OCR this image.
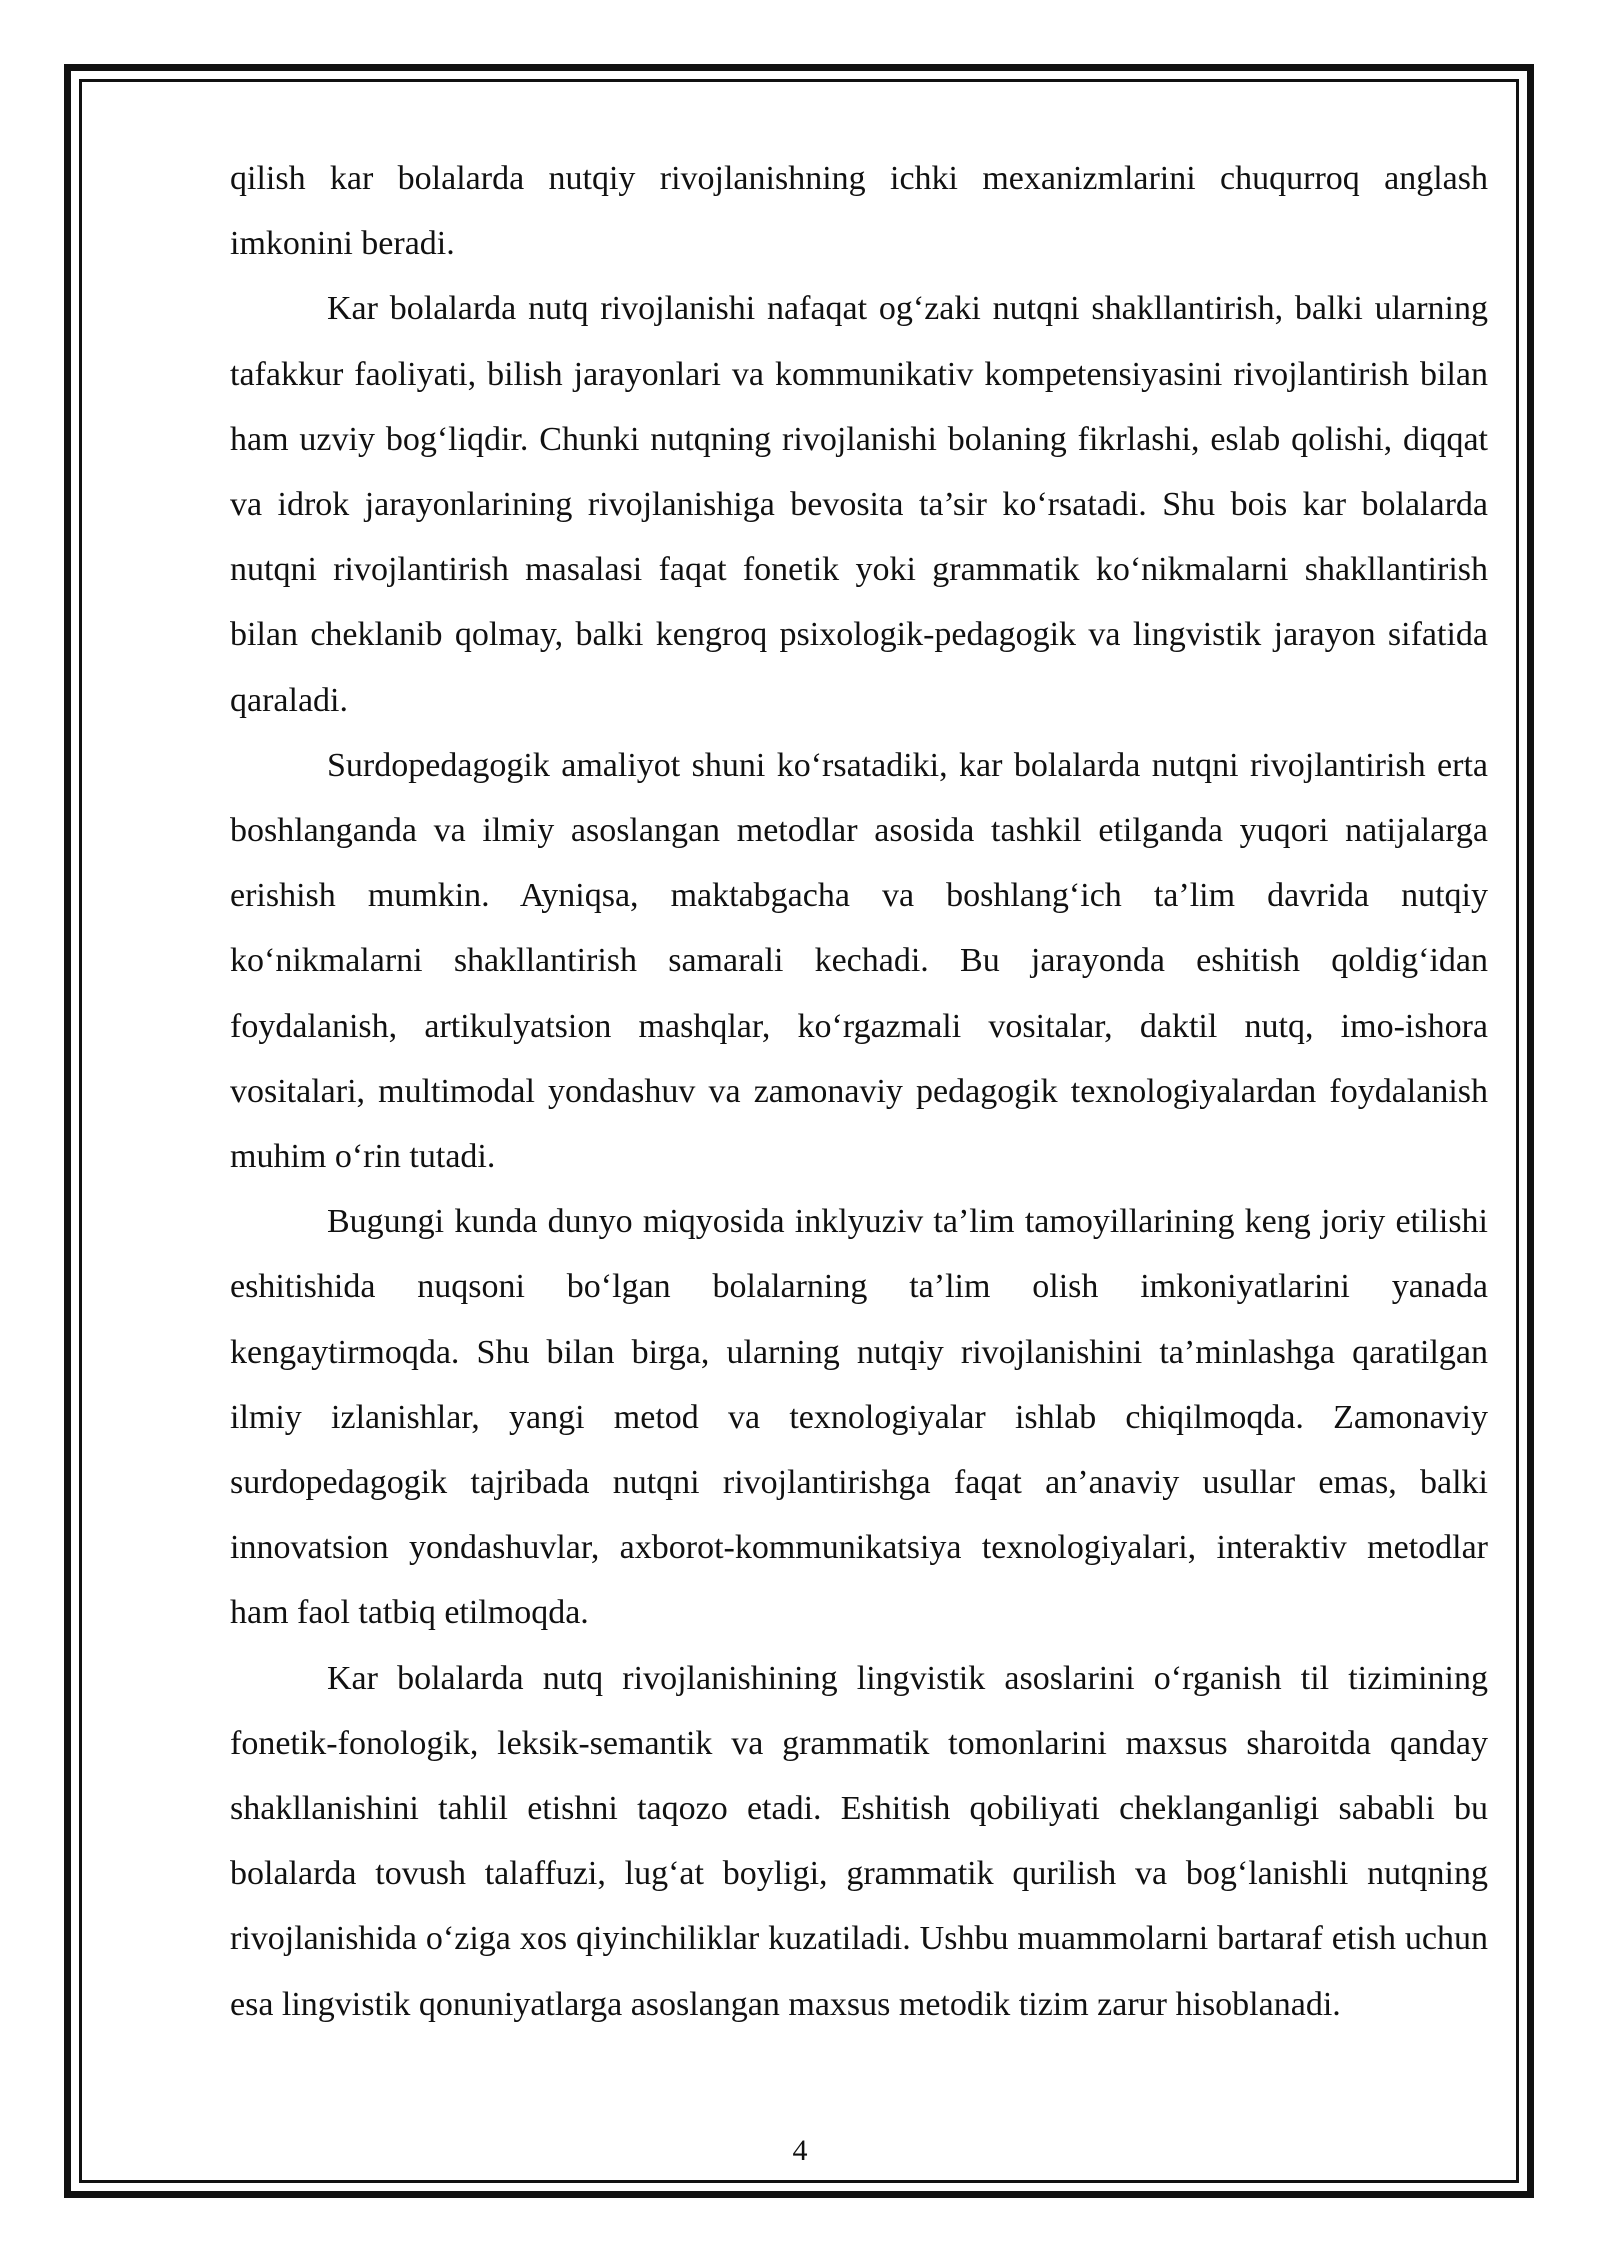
qilish kar bolalarda nutqiy rivojlanishning ichki mexanizmlarini chuqurroq anglash imkonini beradi.

Kar bolalarda nutq rivojlanishi nafaqat og‘zaki nutqni shakllantirish, balki ularning tafakkur faoliyati, bilish jarayonlari va kommunikativ kompetensiyasini rivojlantirish bilan ham uzviy bog‘liqdir. Chunki nutqning rivojlanishi bolaning fikrlashi, eslab qolishi, diqqat va idrok jarayonlarining rivojlanishiga bevosita ta’sir ko‘rsatadi. Shu bois kar bolalarda nutqni rivojlantirish masalasi faqat fonetik yoki grammatik ko‘nikmalarni shakllantirish bilan cheklanib qolmay, balki kengroq psixologik-pedagogik va lingvistik jarayon sifatida qaraladi.

Surdopedagogik amaliyot shuni ko‘rsatadiki, kar bolalarda nutqni rivojlantirish erta boshlanganda va ilmiy asoslangan metodlar asosida tashkil etilganda yuqori natijalarga erishish mumkin. Ayniqsa, maktabgacha va boshlang‘ich ta’lim davrida nutqiy ko‘nikmalarni shakllantirish samarali kechadi. Bu jarayonda eshitish qoldig‘idan foydalanish, artikulyatsion mashqlar, ko‘rgazmali vositalar, daktil nutq, imo-ishora vositalari, multimodal yondashuv va zamonaviy pedagogik texnologiyalardan foydalanish muhim o‘rin tutadi.

Bugungi kunda dunyo miqyosida inklyuziv ta’lim tamoyillarining keng joriy etilishi eshitishida nuqsoni bo‘lgan bolalarning ta’lim olish imkoniyatlarini yanada kengaytirmoqda. Shu bilan birga, ularning nutqiy rivojlanishini ta’minlashga qaratilgan ilmiy izlanishlar, yangi metod va texnologiyalar ishlab chiqilmoqda. Zamonaviy surdopedagogik tajribada nutqni rivojlantirishga faqat an’anaviy usullar emas, balki innovatsion yondashuvlar, axborot-kommunikatsiya texnologiyalari, interaktiv metodlar ham faol tatbiq etilmoqda.

Kar bolalarda nutq rivojlanishining lingvistik asoslarini o‘rganish til tizimining fonetik-fonologik, leksik-semantik va grammatik tomonlarini maxsus sharoitda qanday shakllanishini tahlil etishni taqozo etadi. Eshitish qobiliyati cheklanganligi sababli bu bolalarda tovush talaffuzi, lug‘at boyligi, grammatik qurilish va bog‘lanishli nutqning rivojlanishida o‘ziga xos qiyinchiliklar kuzatiladi. Ushbu muammolarni bartaraf etish uchun esa lingvistik qonuniyatlarga asoslangan maxsus metodik tizim zarur hisoblanadi.

4
